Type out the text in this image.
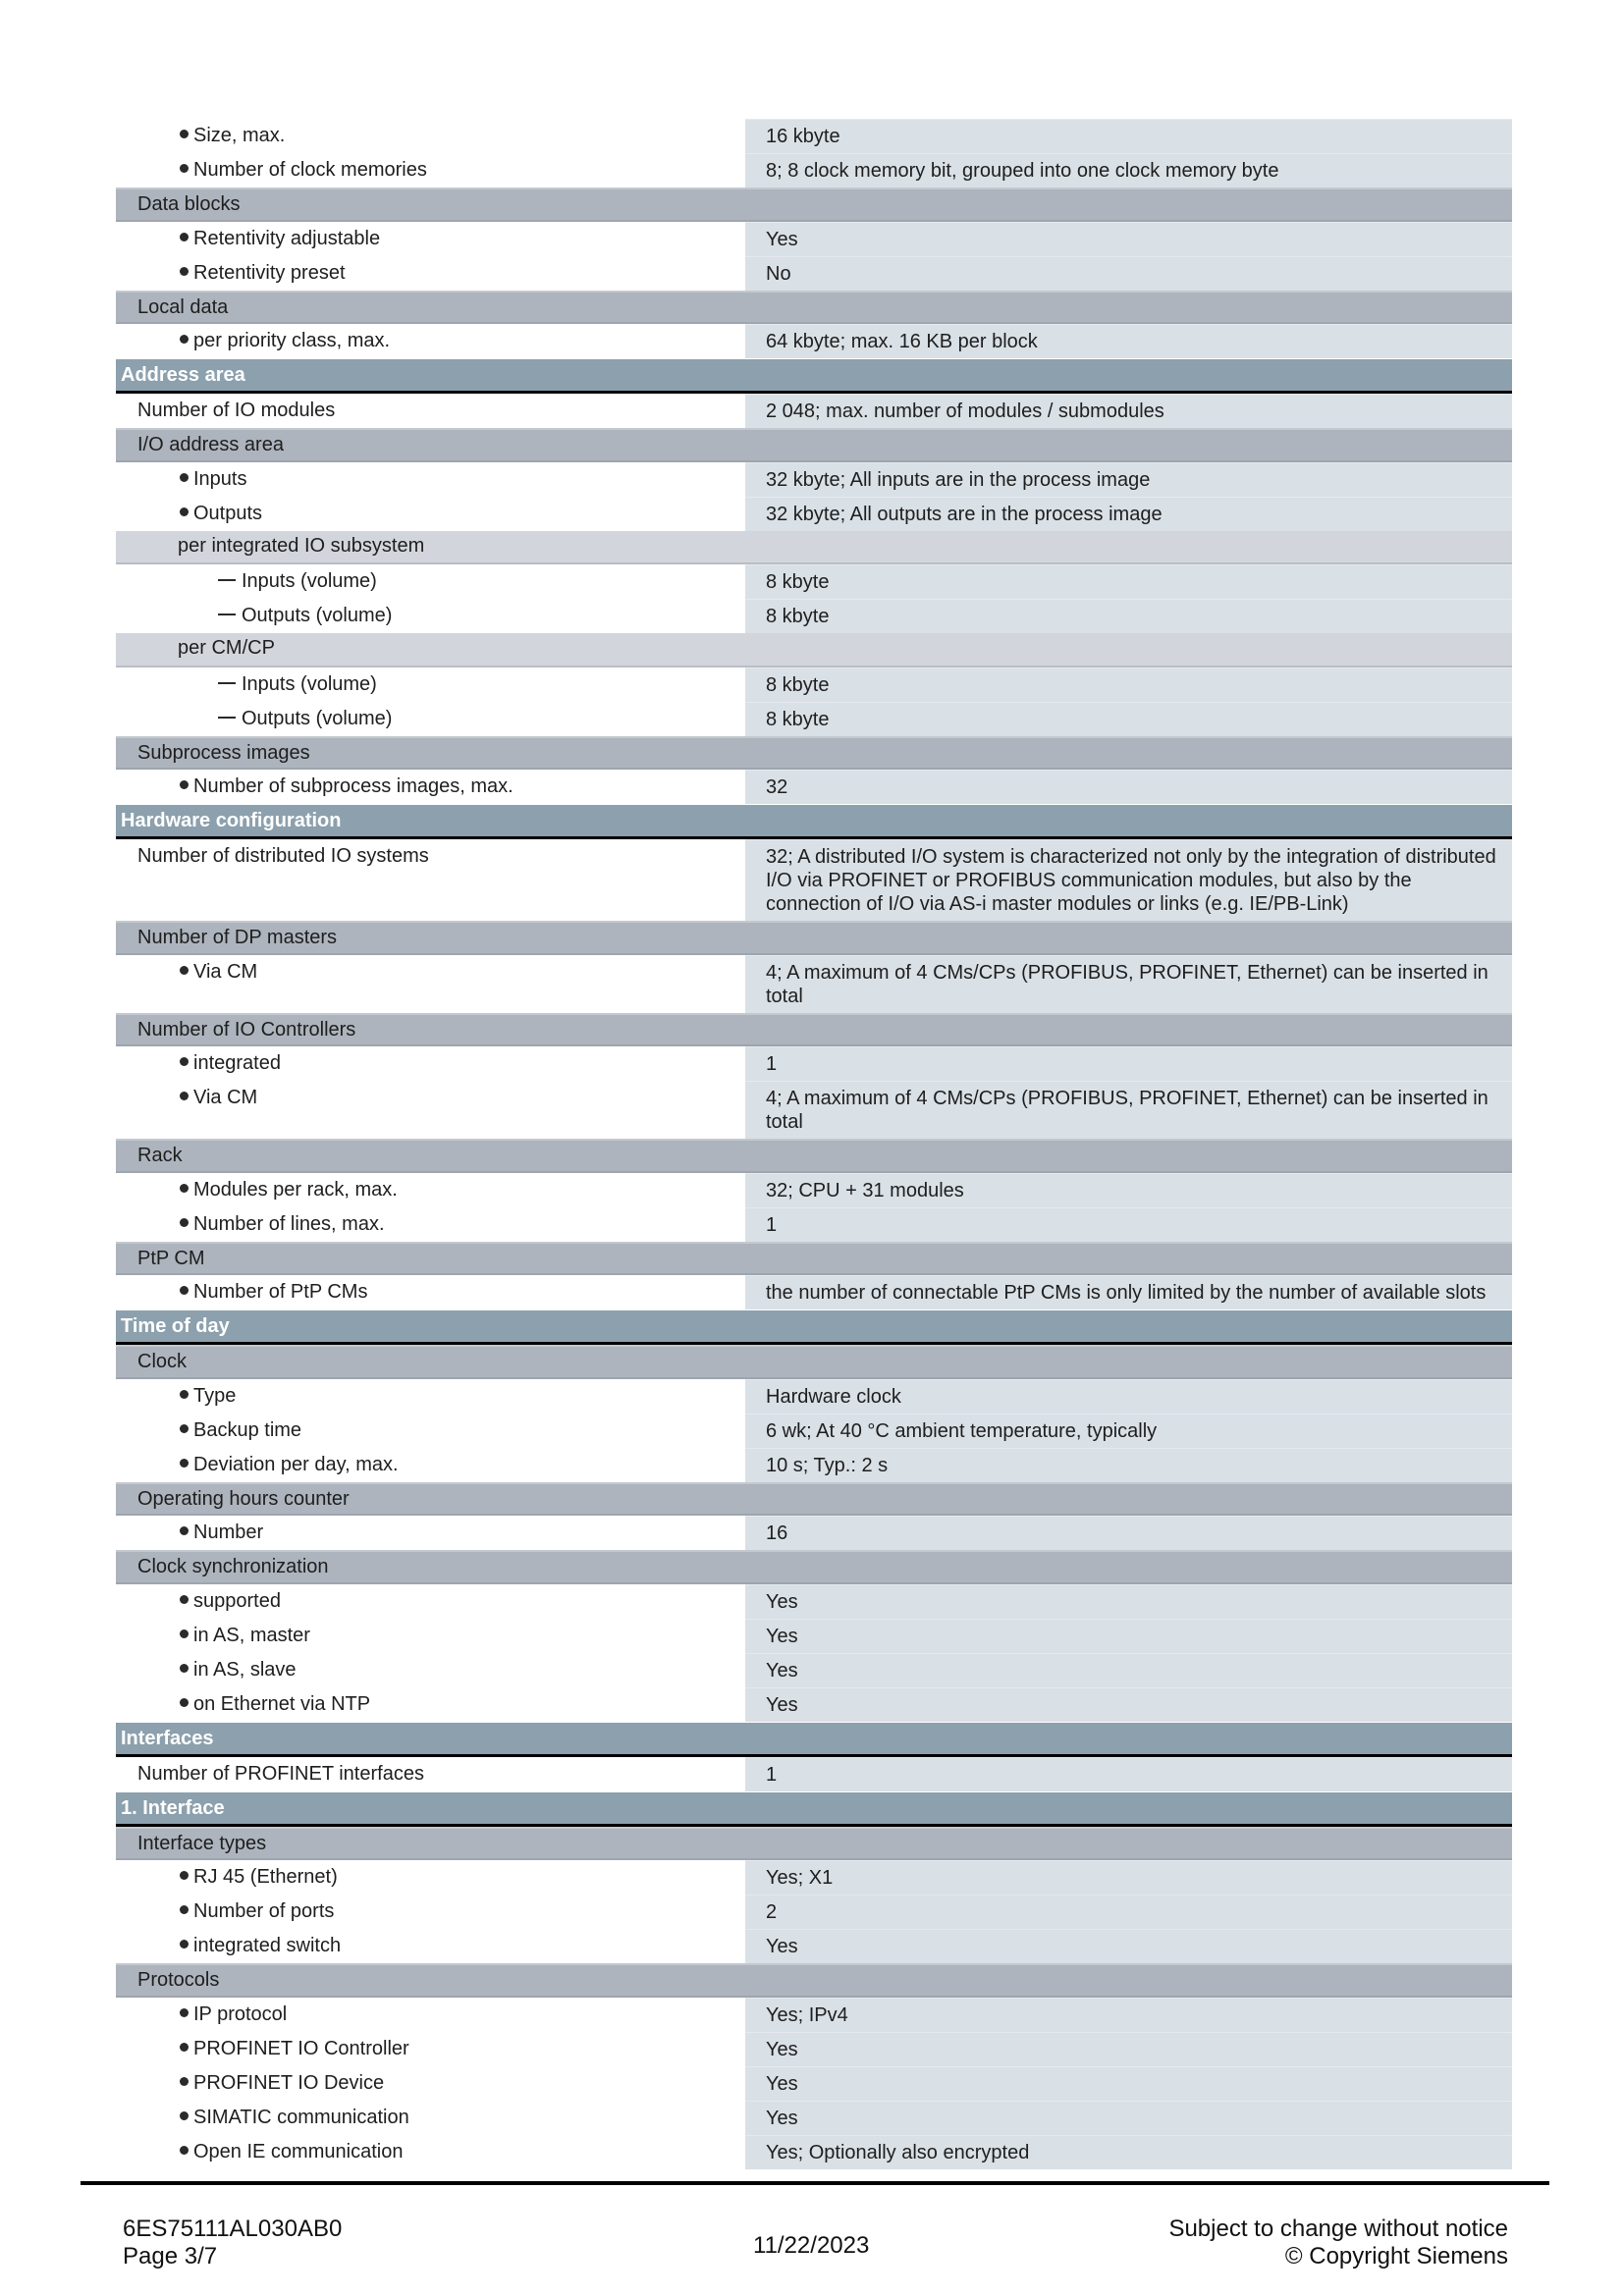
Size, max.	16 kbyte
Number of clock memories	8; 8 clock memory bit, grouped into one clock memory byte
Data blocks
Retentivity adjustable	Yes
Retentivity preset	No
Local data
per priority class, max.	64 kbyte; max. 16 KB per block
Address area
Number of IO modules	2 048; max. number of modules / submodules
I/O address area
Inputs	32 kbyte; All inputs are in the process image
Outputs	32 kbyte; All outputs are in the process image
per integrated IO subsystem
Inputs (volume)	8 kbyte
Outputs (volume)	8 kbyte
per CM/CP
Inputs (volume)	8 kbyte
Outputs (volume)	8 kbyte
Subprocess images
Number of subprocess images, max.	32
Hardware configuration
Number of distributed IO systems	32; A distributed I/O system is characterized not only by the integration of distributed I/O via PROFINET or PROFIBUS communication modules, but also by the connection of I/O via AS-i master modules or links (e.g. IE/PB-Link)
Number of DP masters
Via CM	4; A maximum of 4 CMs/CPs (PROFIBUS, PROFINET, Ethernet) can be inserted in total
Number of IO Controllers
integrated	1
Via CM	4; A maximum of 4 CMs/CPs (PROFIBUS, PROFINET, Ethernet) can be inserted in total
Rack
Modules per rack, max.	32; CPU + 31 modules
Number of lines, max.	1
PtP CM
Number of PtP CMs	the number of connectable PtP CMs is only limited by the number of available slots
Time of day
Clock
Type	Hardware clock
Backup time	6 wk; At 40 °C ambient temperature, typically
Deviation per day, max.	10 s; Typ.: 2 s
Operating hours counter
Number	16
Clock synchronization
supported	Yes
in AS, master	Yes
in AS, slave	Yes
on Ethernet via NTP	Yes
Interfaces
Number of PROFINET interfaces	1
1. Interface
Interface types
RJ 45 (Ethernet)	Yes; X1
Number of ports	2
integrated switch	Yes
Protocols
IP protocol	Yes; IPv4
PROFINET IO Controller	Yes
PROFINET IO Device	Yes
SIMATIC communication	Yes
Open IE communication	Yes; Optionally also encrypted
6ES75111AL030AB0
Page 3/7	11/22/2023
Subject to change without notice
© Copyright Siemens
